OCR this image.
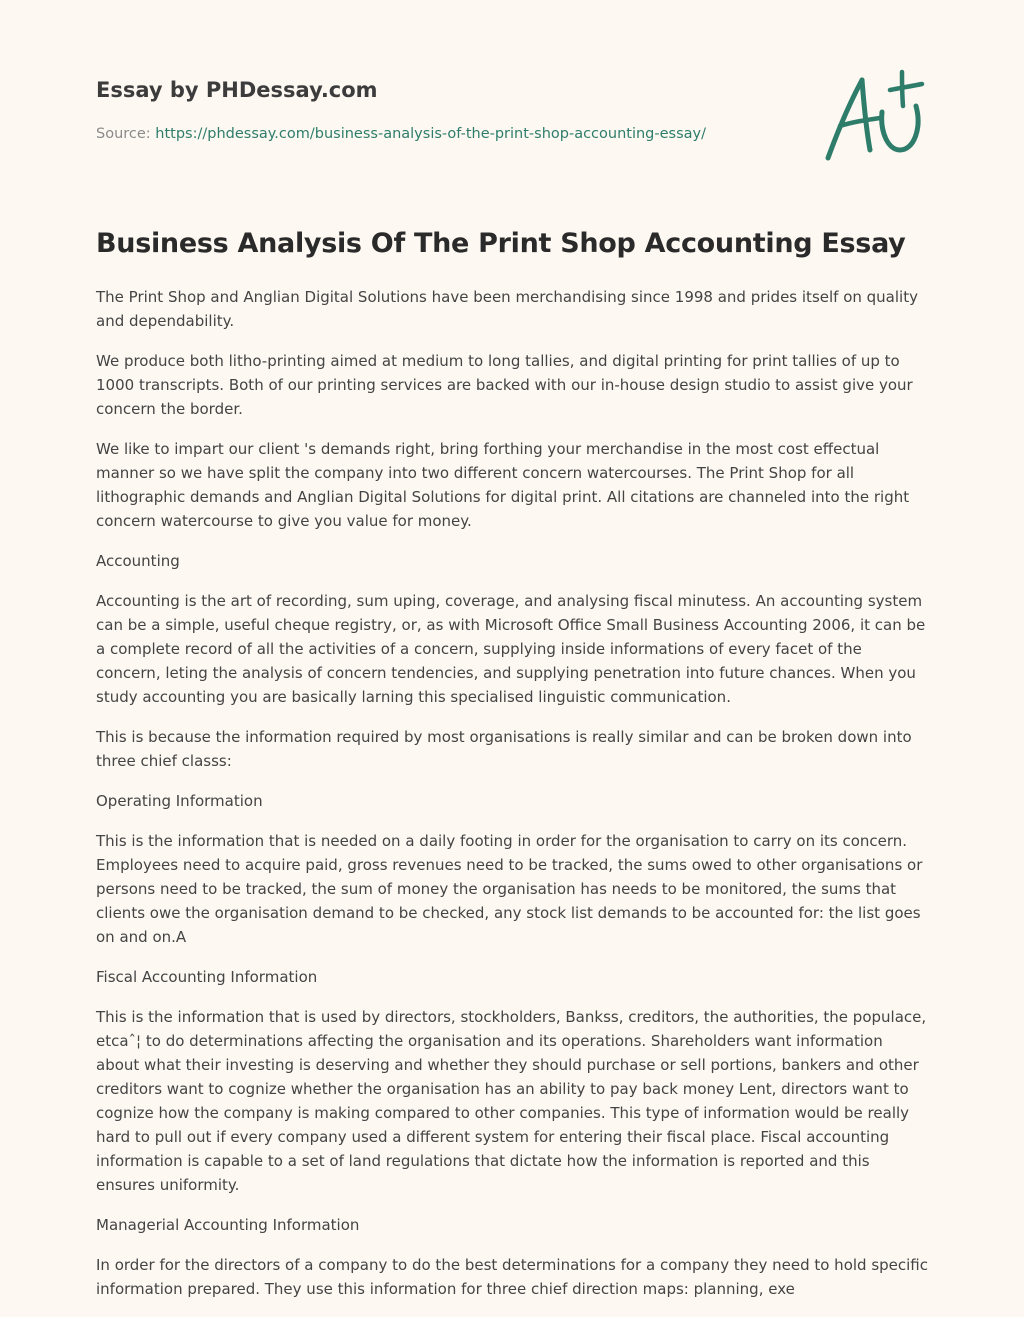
Essay by PHDessay.com
Source: https://phdessay.com/business-analysis-of-the-print-shop-accounting-essay/
Business Analysis Of The Print Shop Accounting Essay

The Print Shop and Anglian Digital Solutions have been merchandising since 1998 and prides itself on quality and dependability.

We produce both litho-printing aimed at medium to long tallies, and digital printing for print tallies of up to 1000 transcripts. Both of our printing services are backed with our in-house design studio to assist give your concern the border.

We like to impart our client 's demands right, bring forthing your merchandise in the most cost effectual manner so we have split the company into two different concern watercourses. The Print Shop for all lithographic demands and Anglian Digital Solutions for digital print. All citations are channeled into the right concern watercourse to give you value for money.

Accounting

Accounting is the art of recording, sum uping, coverage, and analysing fiscal minutess. An accounting system can be a simple, useful cheque registry, or, as with Microsoft Office Small Business Accounting 2006, it can be a complete record of all the activities of a concern, supplying inside informations of every facet of the concern, leting the analysis of concern tendencies, and supplying penetration into future chances. When you study accounting you are basically larning this specialised linguistic communication.

This is because the information required by most organisations is really similar and can be broken down into three chief classs:

Operating Information

This is the information that is needed on a daily footing in order for the organisation to carry on its concern. Employees need to acquire paid, gross revenues need to be tracked, the sums owed to other organisations or persons need to be tracked, the sum of money the organisation has needs to be monitored, the sums that clients owe the organisation demand to be checked, any stock list demands to be accounted for: the list goes on and on.A

Fiscal Accounting Information

This is the information that is used by directors, stockholders, Bankss, creditors, the authorities, the populace, etcaˆ¦ to do determinations affecting the organisation and its operations. Shareholders want information about what their investing is deserving and whether they should purchase or sell portions, bankers and other creditors want to cognize whether the organisation has an ability to pay back money Lent, directors want to cognize how the company is making compared to other companies. This type of information would be really hard to pull out if every company used a different system for entering their fiscal place. Fiscal accounting information is capable to a set of land regulations that dictate how the information is reported and this ensures uniformity.

Managerial Accounting Information

In order for the directors of a company to do the best determinations for a company they need to hold specific information prepared. They use this information for three chief direction maps: planning, exe
